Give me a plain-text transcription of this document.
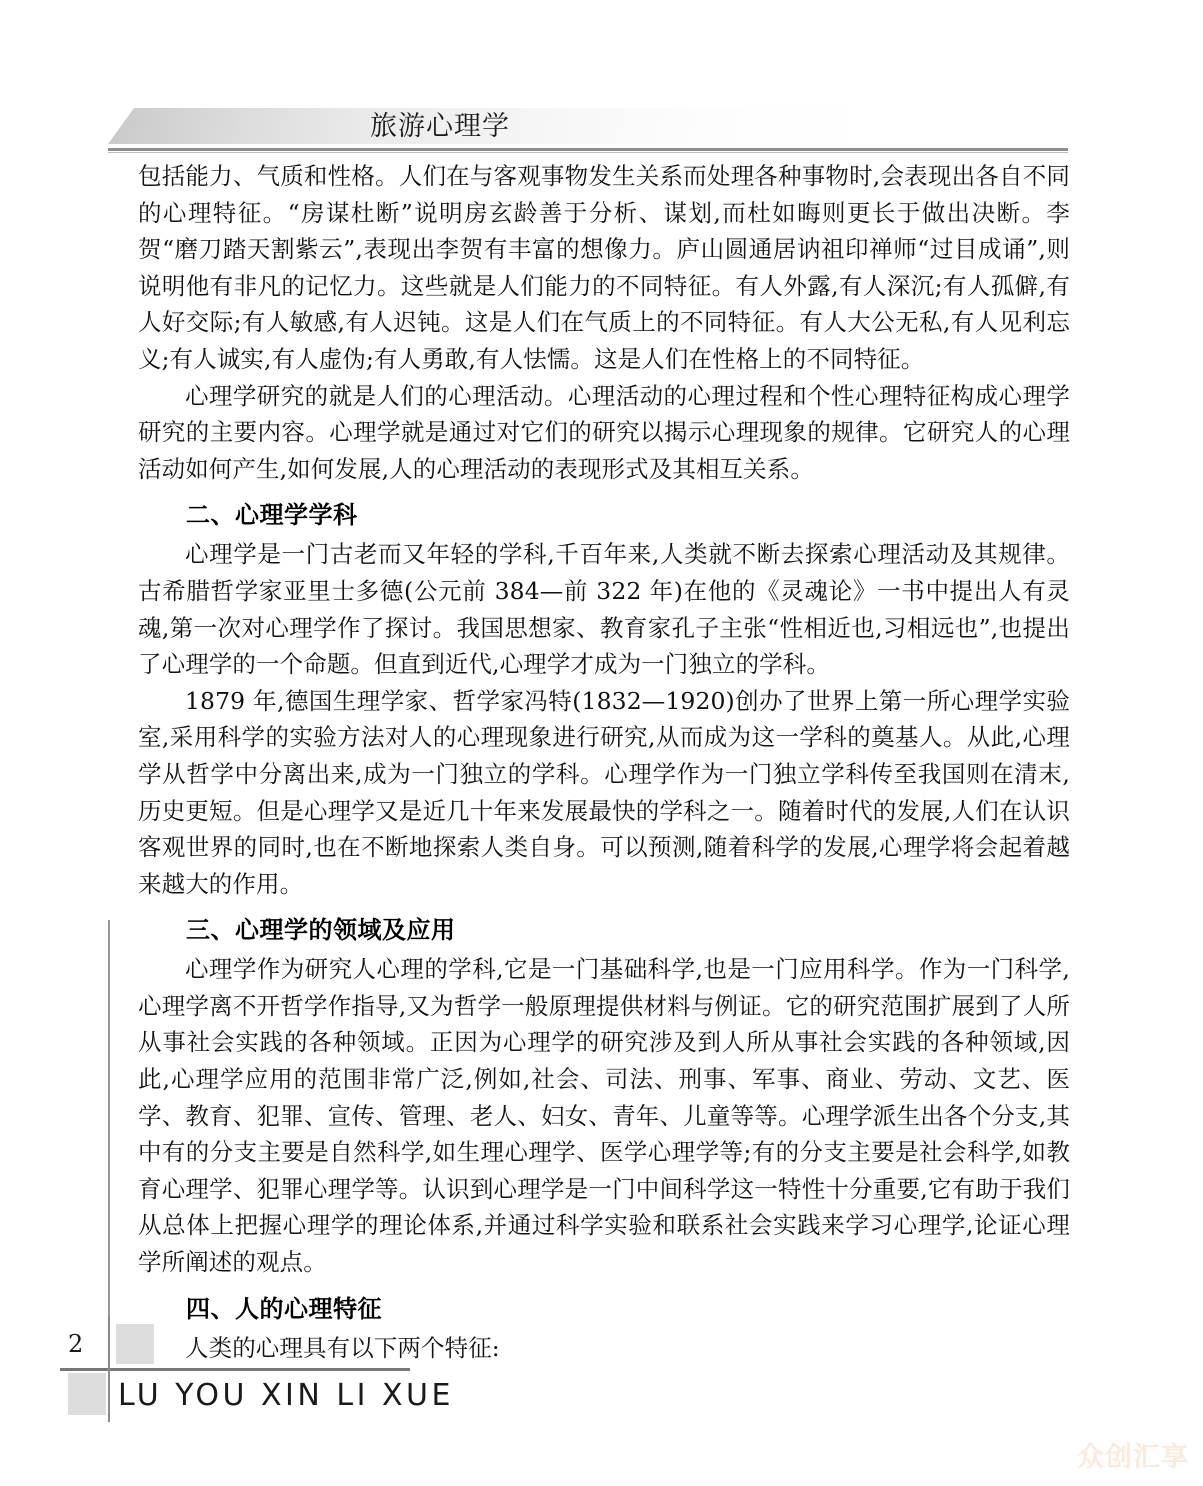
旅游心理学

包括能力、气质和性格。人们在与客观事物发生关系而处理各种事物时,会表现出各自不同的心理特征。“房谋杜断”说明房玄龄善于分析、谋划,而杜如晦则更长于做出决断。李贺“磨刀踏天割紫云”,表现出李贺有丰富的想像力。庐山圆通居讷祖印禅师“过目成诵”,则说明他有非凡的记忆力。这些就是人们能力的不同特征。有人外露,有人深沉;有人孤僻,有人好交际;有人敏感,有人迟钝。这是人们在气质上的不同特征。有人大公无私,有人见利忘义;有人诚实,有人虚伪;有人勇敢,有人怯懦。这是人们在性格上的不同特征。

心理学研究的就是人们的心理活动。心理活动的心理过程和个性心理特征构成心理学研究的主要内容。心理学就是通过对它们的研究以揭示心理现象的规律。它研究人的心理活动如何产生,如何发展,人的心理活动的表现形式及其相互关系。

二、心理学学科

心理学是一门古老而又年轻的学科,千百年来,人类就不断去探索心理活动及其规律。古希腊哲学家亚里士多德(公元前 384—前 322 年)在他的《灵魂论》一书中提出人有灵魂,第一次对心理学作了探讨。我国思想家、教育家孔子主张“性相近也,习相远也”,也提出了心理学的一个命题。但直到近代,心理学才成为一门独立的学科。

1879 年,德国生理学家、哲学家冯特(1832—1920)创办了世界上第一所心理学实验室,采用科学的实验方法对人的心理现象进行研究,从而成为这一学科的奠基人。从此,心理学从哲学中分离出来,成为一门独立的学科。心理学作为一门独立学科传至我国则在清末,历史更短。但是心理学又是近几十年来发展最快的学科之一。随着时代的发展,人们在认识客观世界的同时,也在不断地探索人类自身。可以预测,随着科学的发展,心理学将会起着越来越大的作用。

三、心理学的领域及应用

心理学作为研究人心理的学科,它是一门基础科学,也是一门应用科学。作为一门科学,心理学离不开哲学作指导,又为哲学一般原理提供材料与例证。它的研究范围扩展到了人所从事社会实践的各种领域。正因为心理学的研究涉及到人所从事社会实践的各种领域,因此,心理学应用的范围非常广泛,例如,社会、司法、刑事、军事、商业、劳动、文艺、医学、教育、犯罪、宣传、管理、老人、妇女、青年、儿童等等。心理学派生出各个分支,其中有的分支主要是自然科学,如生理心理学、医学心理学等;有的分支主要是社会科学,如教育心理学、犯罪心理学等。认识到心理学是一门中间科学这一特性十分重要,它有助于我们从总体上把握心理学的理论体系,并通过科学实验和联系社会实践来学习心理学,论证心理学所阐述的观点。

四、人的心理特征

人类的心理具有以下两个特征:

2
LU YOU XIN LI XUE
众创汇享
